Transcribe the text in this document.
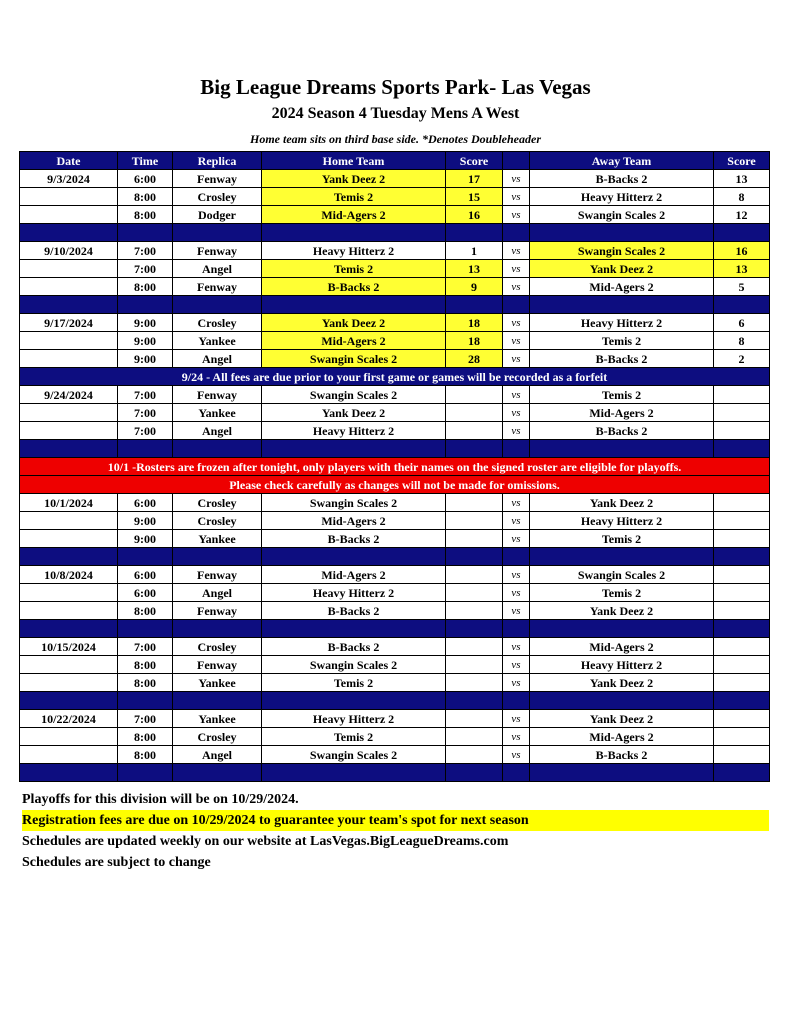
Big League Dreams Sports Park- Las Vegas
2024 Season 4 Tuesday Mens A West
Home team sits on third base side. *Denotes Doubleheader
Date	Time	Replica	Home Team	Score		Away Team	Score
9/3/2024	6:00	Fenway	Yank Deez 2	17	vs	B-Backs 2	13
	8:00	Crosley	Temis 2	15	vs	Heavy Hitterz 2	8
	8:00	Dodger	Mid-Agers 2	16	vs	Swangin Scales 2	12

9/10/2024	7:00	Fenway	Heavy Hitterz 2	1	vs	Swangin Scales 2	16
	7:00	Angel	Temis 2	13	vs	Yank Deez 2	13
	8:00	Fenway	B-Backs 2	9	vs	Mid-Agers 2	5

9/17/2024	9:00	Crosley	Yank Deez 2	18	vs	Heavy Hitterz 2	6
	9:00	Yankee	Mid-Agers 2	18	vs	Temis 2	8
	9:00	Angel	Swangin Scales 2	28	vs	B-Backs 2	2
9/24 - All fees are due prior to your first game or games will be recorded as a forfeit							
9/24/2024	7:00	Fenway	Swangin Scales 2		vs	Temis 2	
	7:00	Yankee	Yank Deez 2		vs	Mid-Agers 2	
	7:00	Angel	Heavy Hitterz 2		vs	B-Backs 2	

10/1 -Rosters are frozen after tonight, only players with their names on the signed roster are eligible for playoffs.							
Please check carefully as changes will not be made for omissions.							
10/1/2024	6:00	Crosley	Swangin Scales 2		vs	Yank Deez 2	
	9:00	Crosley	Mid-Agers 2		vs	Heavy Hitterz 2	
	9:00	Yankee	B-Backs 2		vs	Temis 2	

10/8/2024	6:00	Fenway	Mid-Agers 2		vs	Swangin Scales 2	
	6:00	Angel	Heavy Hitterz 2		vs	Temis 2	
	8:00	Fenway	B-Backs 2		vs	Yank Deez 2	

10/15/2024	7:00	Crosley	B-Backs 2		vs	Mid-Agers 2	
	8:00	Fenway	Swangin Scales 2		vs	Heavy Hitterz 2	
	8:00	Yankee	Temis 2		vs	Yank Deez 2	

10/22/2024	7:00	Yankee	Heavy Hitterz 2		vs	Yank Deez 2	
	8:00	Crosley	Temis 2		vs	Mid-Agers 2	
	8:00	Angel	Swangin Scales 2		vs	B-Backs 2	

Playoffs for this division will be on 10/29/2024.
Registration fees are due on 10/29/2024 to guarantee your team's spot for next season
Schedules are updated weekly on our website at LasVegas.BigLeagueDreams.com
Schedules are subject to change
